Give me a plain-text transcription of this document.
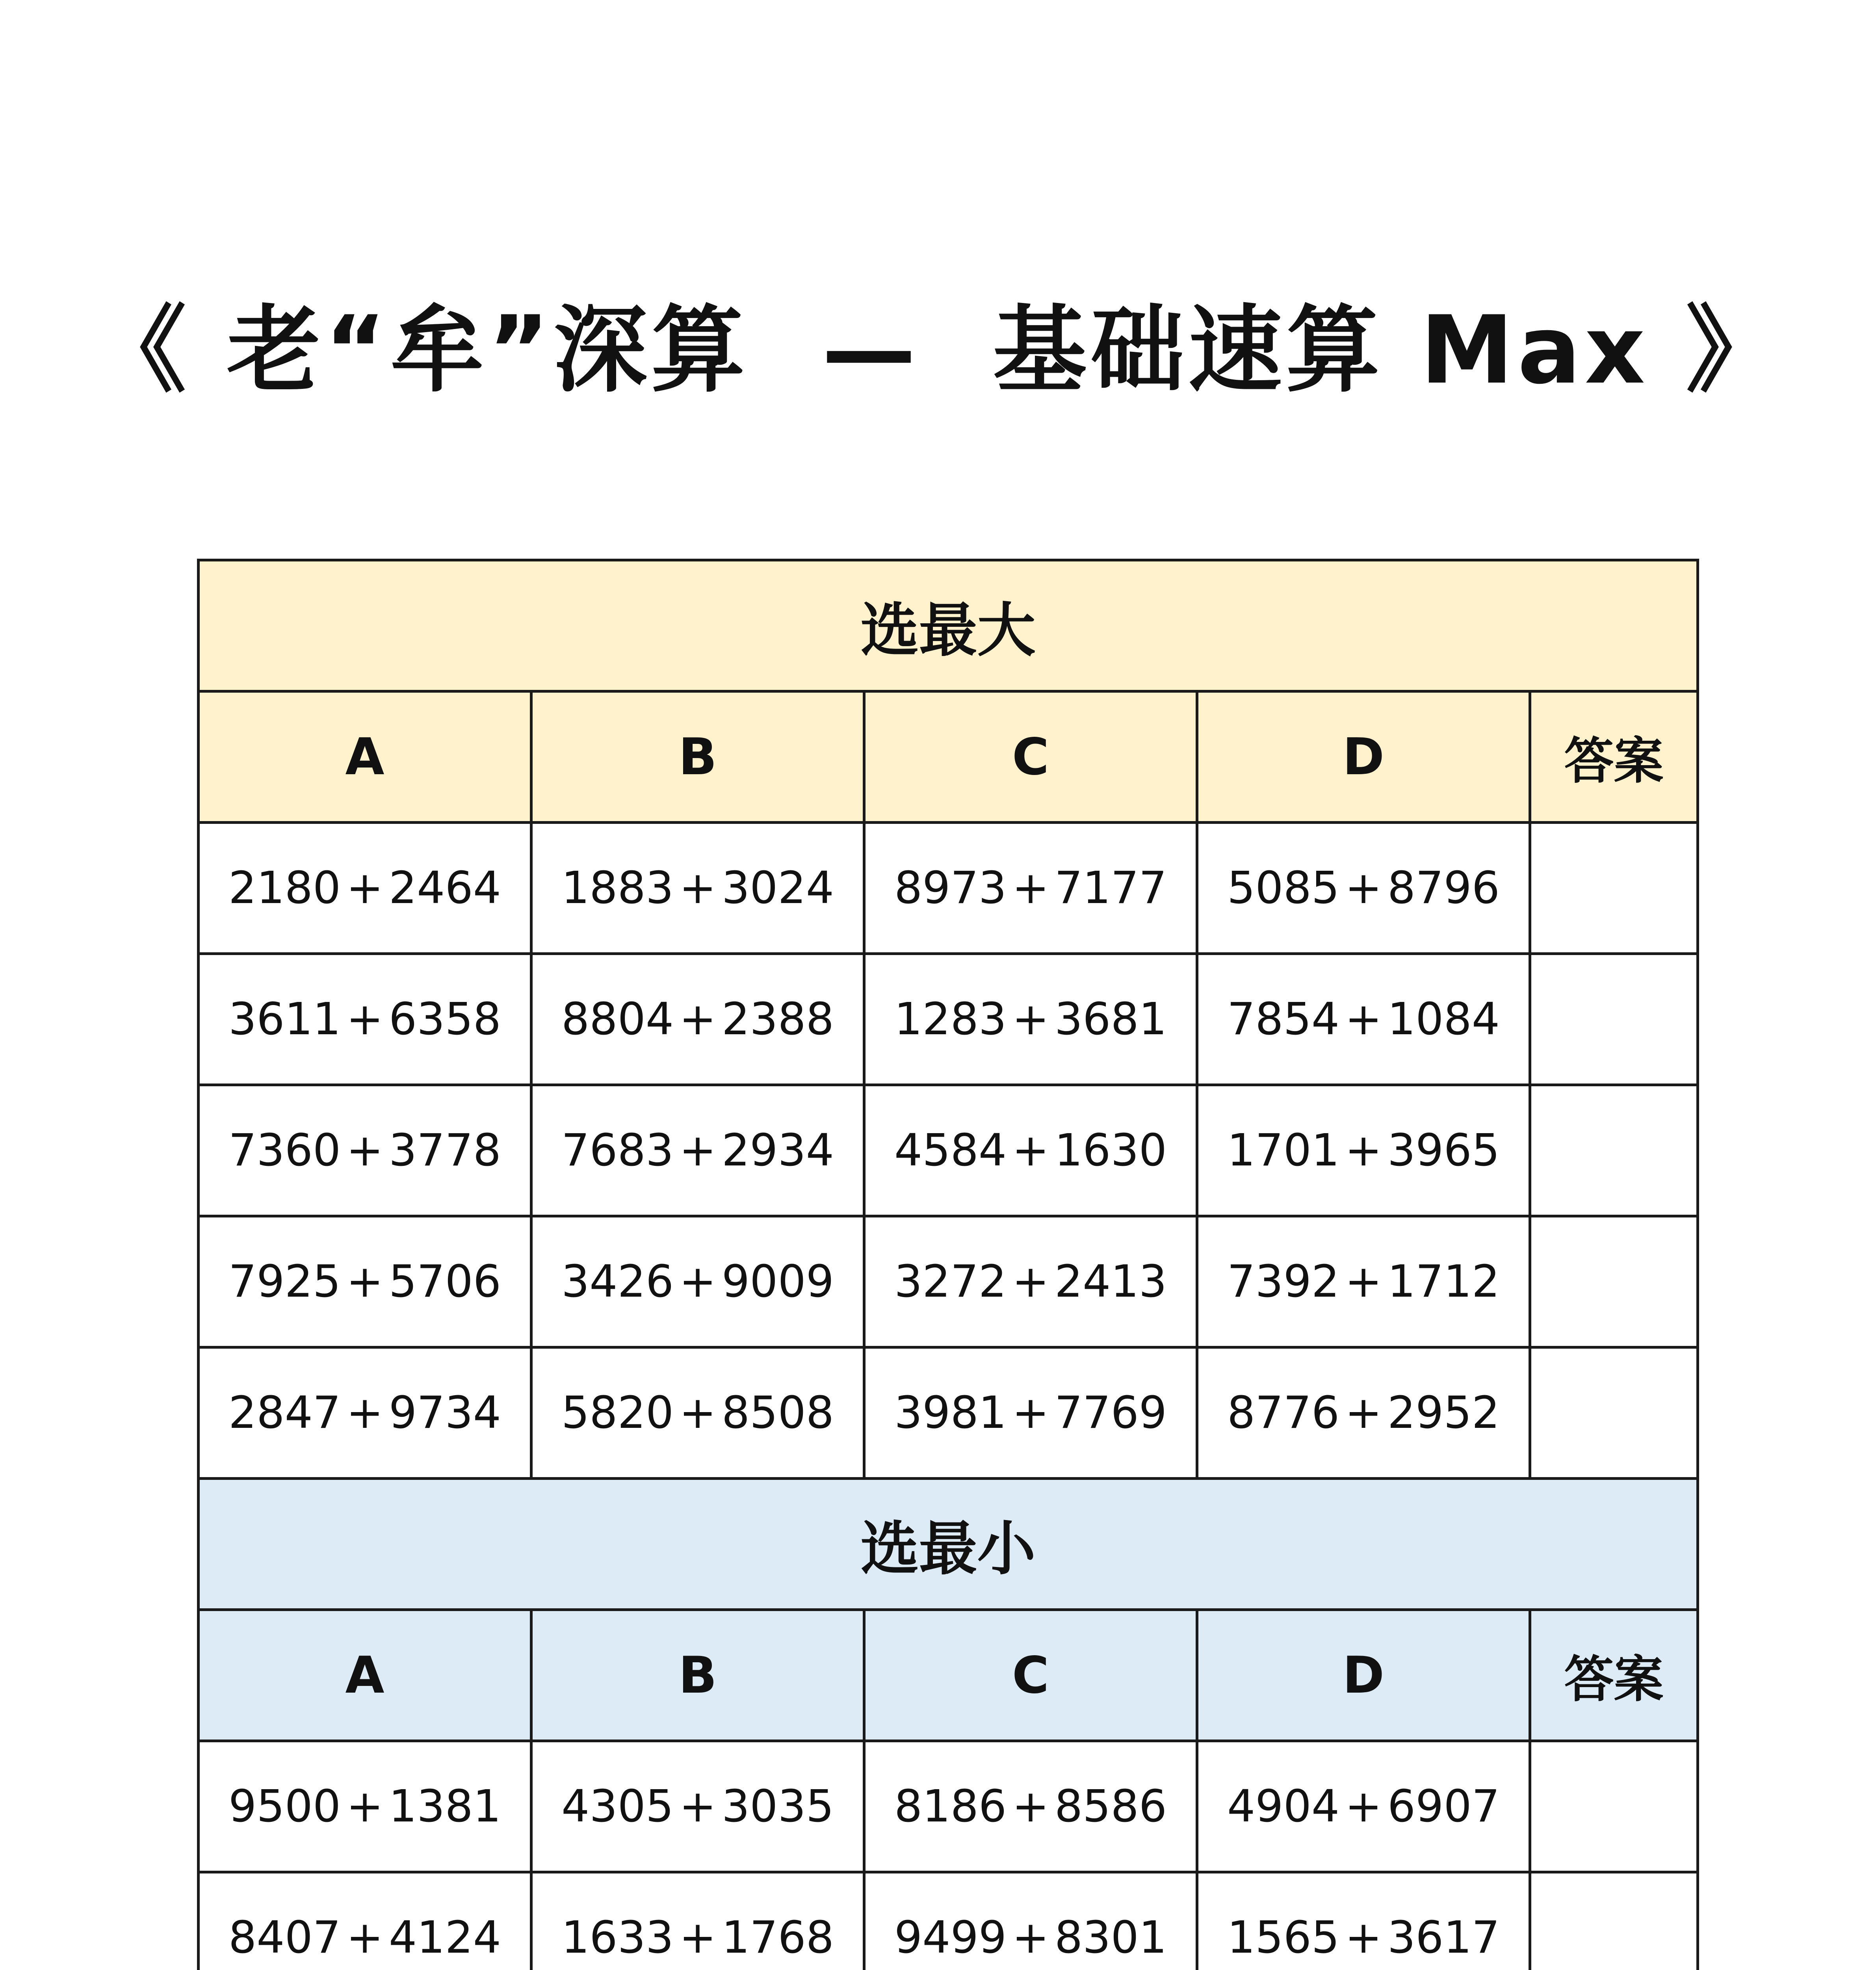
《 老“牟”深算  —  基础速算 Max 》
选最大				
A	B	C	D	答案
2180 + 2464	1883 + 3024	8973 + 7177	5085 + 8796	
3611 + 6358	8804 + 2388	1283 + 3681	7854 + 1084	
7360 + 3778	7683 + 2934	4584 + 1630	1701 + 3965	
7925 + 5706	3426 + 9009	3272 + 2413	7392 + 1712	
2847 + 9734	5820 + 8508	3981 + 7769	8776 + 2952	
选最小				
A	B	C	D	答案
9500 + 1381	4305 + 3035	8186 + 8586	4904 + 6907	
8407 + 4124	1633 + 1768	9499 + 8301	1565 + 3617	
